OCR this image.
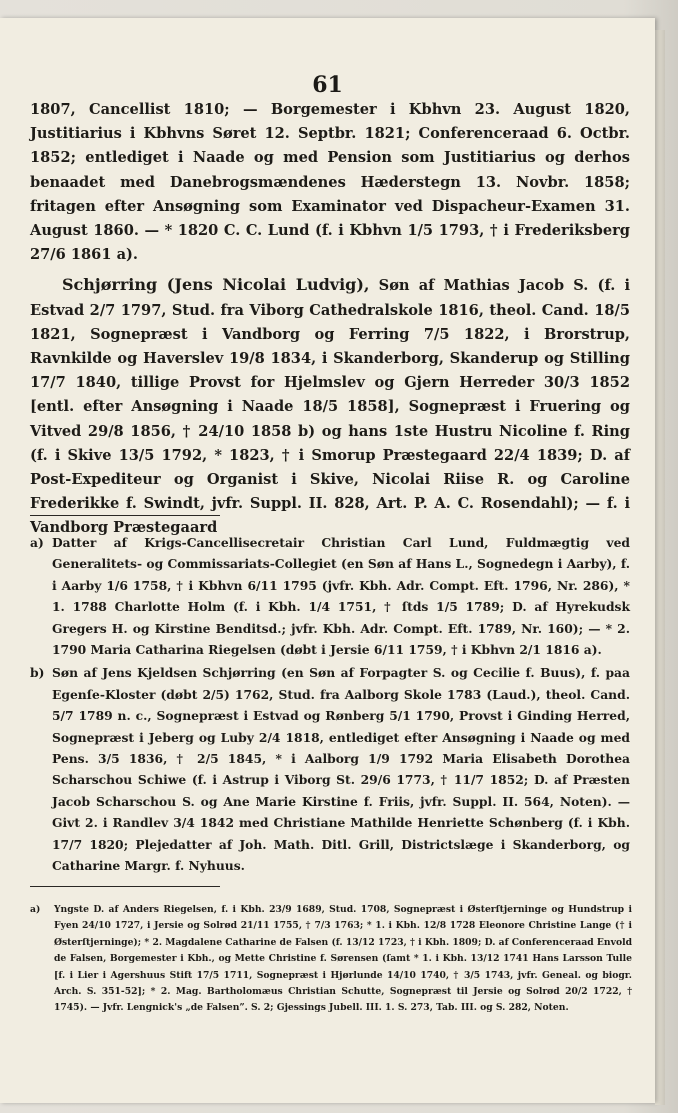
61

1807, Cancellist 1810; — Borgemester i Kbhvn 23. August 1820, Justitiarius i Kbhvns Søret 12. Septbr. 1821; Conferenceraad 6. Octbr. 1852; entlediget i Naade og med Pension som Justitiarius og derhos benaadet med Danebrogsmændenes Hæderstegn 13. Novbr. 1858; fritagen efter Ansøgning som Examinator ved Dispacheur-Examen 31. August 1860. — * 1820 C. C. Lund (f. i Kbhvn 1/5 1793, † i Frederiksberg 27/6 1861 a).

Schjørring (Jens Nicolai Ludvig), Søn af Mathias Jacob S. (f. i Estvad 2/7 1797, Stud. fra Viborg Cathedralskole 1816, theol. Cand. 18/5 1821, Sognepræst i Vandborg og Ferring 7/5 1822, i Brorstrup, Ravnkilde og Haverslev 19/8 1834, i Skanderborg, Skanderup og Stilling 17/7 1840, tillige Provst for Hjelmslev og Gjern Herreder 30/3 1852 [entl. efter Ansøgning i Naade 18/5 1858], Sognepræst i Fruering og Vitved 29/8 1856, † 24/10 1858 b) og hans 1ste Hustru Nicoline f. Ring (f. i Skive 13/5 1792, * 1823, † i Smorup Præstegaard 22/4 1839; D. af Post-Expediteur og Organist i Skive, Nicolai Riise R. og Caroline Frederikke f. Swindt, jvfr. Suppl. II. 828, Art. P. A. C. Rosendahl); — f. i Vandborg Præstegaard

a) Datter af Krigs-Cancellisecretair Christian Carl Lund, Fuldmægtig ved Generalitets- og Commissariats-Collegiet (en Søn af Hans L., Sognedegn i Aarby), f. i Aarby 1/6 1758, † i Kbhvn 6/11 1795 (jvfr. Kbh. Adr. Compt. Eft. 1796, Nr. 286), * 1. 1788 Charlotte Holm (f. i Kbh. 1/4 1751, † ſtds 1/5 1789; D. af Hyrekudsk Gregers H. og Kirstine Benditsd.; jvfr. Kbh. Adr. Compt. Eft. 1789, Nr. 160); — * 2. 1790 Maria Catharina Riegelsen (døbt i Jersie 6/11 1759, † i Kbhvn 2/1 1816 a).
b) Søn af Jens Kjeldsen Schjørring (en Søn af Forpagter S. og Cecilie f. Buus), f. paa Egenſe-Kloster (døbt 2/5) 1762, Stud. fra Aalborg Skole 1783 (Laud.), theol. Cand. 5/7 1789 n. c., Sognepræst i Estvad og Rønberg 5/1 1790, Provst i Ginding Herred, Sognepræst i Jeberg og Luby 2/4 1818, entlediget efter Ansøgning i Naade og med Pens. 3/5 1836, † 2/5 1845, * i Aalborg 1/9 1792 Maria Elisabeth Dorothea Scharschou Schiwe (f. i Astrup i Viborg St. 29/6 1773, † 11/7 1852; D. af Præsten Jacob Scharschou S. og Ane Marie Kirstine f. Friis, jvfr. Suppl. II. 564, Noten). — Givt 2. i Randlev 3/4 1842 med Christiane Mathilde Henriette Schønberg (f. i Kbh. 17/7 1820; Plejedatter af Joh. Math. Ditl. Grill, Districtslæge i Skanderborg, og Catharine Margr. f. Nyhuus.
a)	Yngste D. af Anders Riegelsen, f. i Kbh. 23/9 1689, Stud. 1708, Sognepræst i Østerſtjerninge og Hundstrup i Fyen 24/10 1727, i Jersie og Solrød 21/11 1755, † 7/3 1763; * 1. i Kbh. 12/8 1728 Eleonore Christine Lange († i Østerſtjerninge); * 2. Magdalene Catharine de Falsen (f. 13/12 1723, † i Kbh. 1809; D. af Conferenceraad Envold de Falsen, Borgemester i Kbh., og Mette Christine f. Sørensen (ſamt * 1. i Kbh. 13/12 1741 Hans Larsson Tulle [f. i Lier i Agershuus Stift 17/5 1711, Sognepræst i Hjørlunde 14/10 1740, † 3/5 1743, jvfr. Geneal. og biogr. Arch. S. 351-52]; * 2. Mag. Bartholomæus Christian Schutte, Sognepræst til Jersie og Solrød 20/2 1722, † 1745). — Jvfr. Lengnick's „de Falsen”. S. 2; Gjessings Jubell. III. 1. S. 273, Tab. III. og S. 282, Noten.
